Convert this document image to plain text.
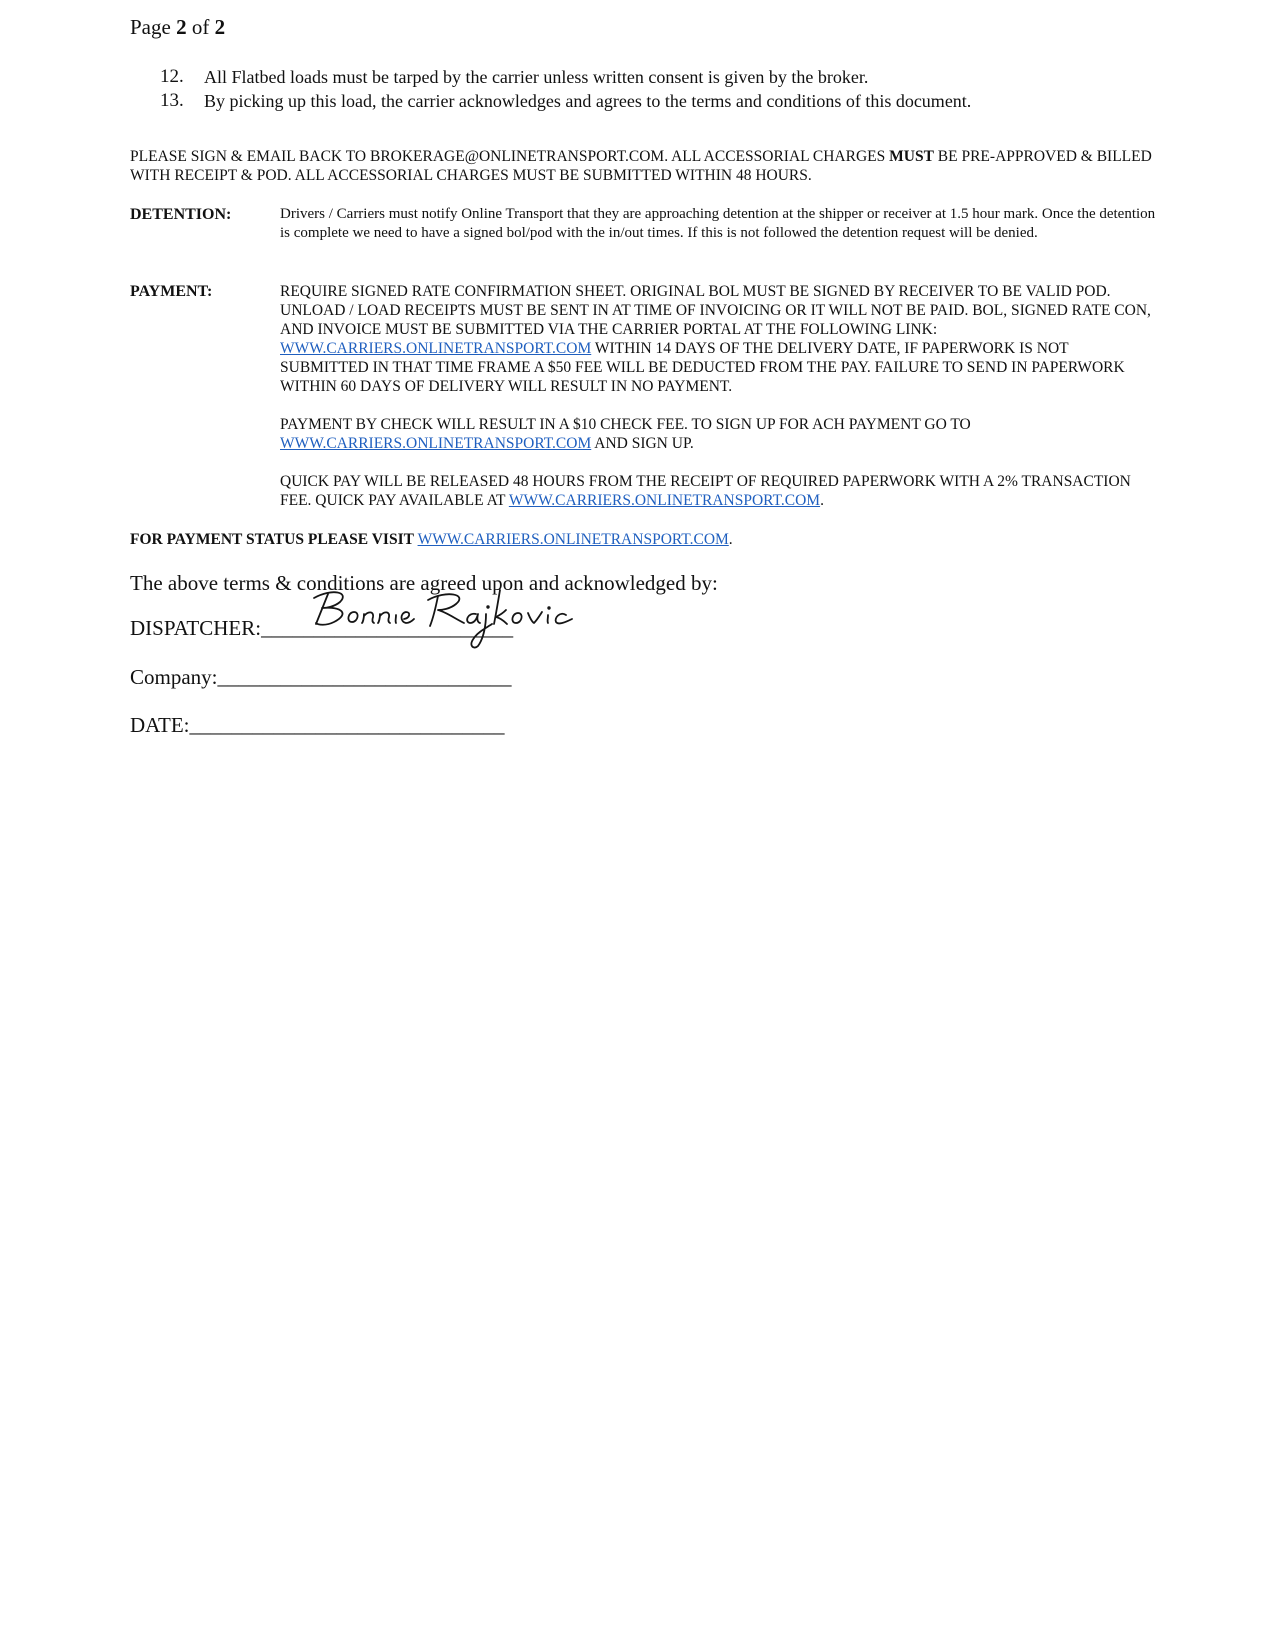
Page 2 of 2
12.	All Flatbed loads must be tarped by the carrier unless written consent is given by the broker.
13.	By picking up this load, the carrier acknowledges and agrees to the terms and conditions of this document.
PLEASE SIGN & EMAIL BACK TO BROKERAGE@ONLINETRANSPORT.COM. ALL ACCESSORIAL CHARGES MUST BE PRE-APPROVED & BILLED WITH RECEIPT & POD. ALL ACCESSORIAL CHARGES MUST BE SUBMITTED WITHIN 48 HOURS.
DETENTION:	Drivers / Carriers must notify Online Transport that they are approaching detention at the shipper or receiver at 1.5 hour mark. Once the detention is complete we need to have a signed bol/pod with the in/out times. If this is not followed the detention request will be denied.
PAYMENT:	REQUIRE SIGNED RATE CONFIRMATION SHEET. ORIGINAL BOL MUST BE SIGNED BY RECEIVER TO BE VALID POD. UNLOAD / LOAD RECEIPTS MUST BE SENT IN AT TIME OF INVOICING OR IT WILL NOT BE PAID. BOL, SIGNED RATE CON, AND INVOICE MUST BE SUBMITTED VIA THE CARRIER PORTAL AT THE FOLLOWING LINK: WWW.CARRIERS.ONLINETRANSPORT.COM WITHIN 14 DAYS OF THE DELIVERY DATE, IF PAPERWORK IS NOT SUBMITTED IN THAT TIME FRAME A $50 FEE WILL BE DEDUCTED FROM THE PAY. FAILURE TO SEND IN PAPERWORK WITHIN 60 DAYS OF DELIVERY WILL RESULT IN NO PAYMENT.

PAYMENT BY CHECK WILL RESULT IN A $10 CHECK FEE. TO SIGN UP FOR ACH PAYMENT GO TO WWW.CARRIERS.ONLINETRANSPORT.COM AND SIGN UP.

QUICK PAY WILL BE RELEASED 48 HOURS FROM THE RECEIPT OF REQUIRED PAPERWORK WITH A 2% TRANSACTION FEE. QUICK PAY AVAILABLE AT WWW.CARRIERS.ONLINETRANSPORT.COM.

FOR PAYMENT STATUS PLEASE VISIT WWW.CARRIERS.ONLINETRANSPORT.COM.
The above terms & conditions are agreed upon and acknowledged by:
DISPATCHER:________________________
Company:____________________________
DATE:______________________________
